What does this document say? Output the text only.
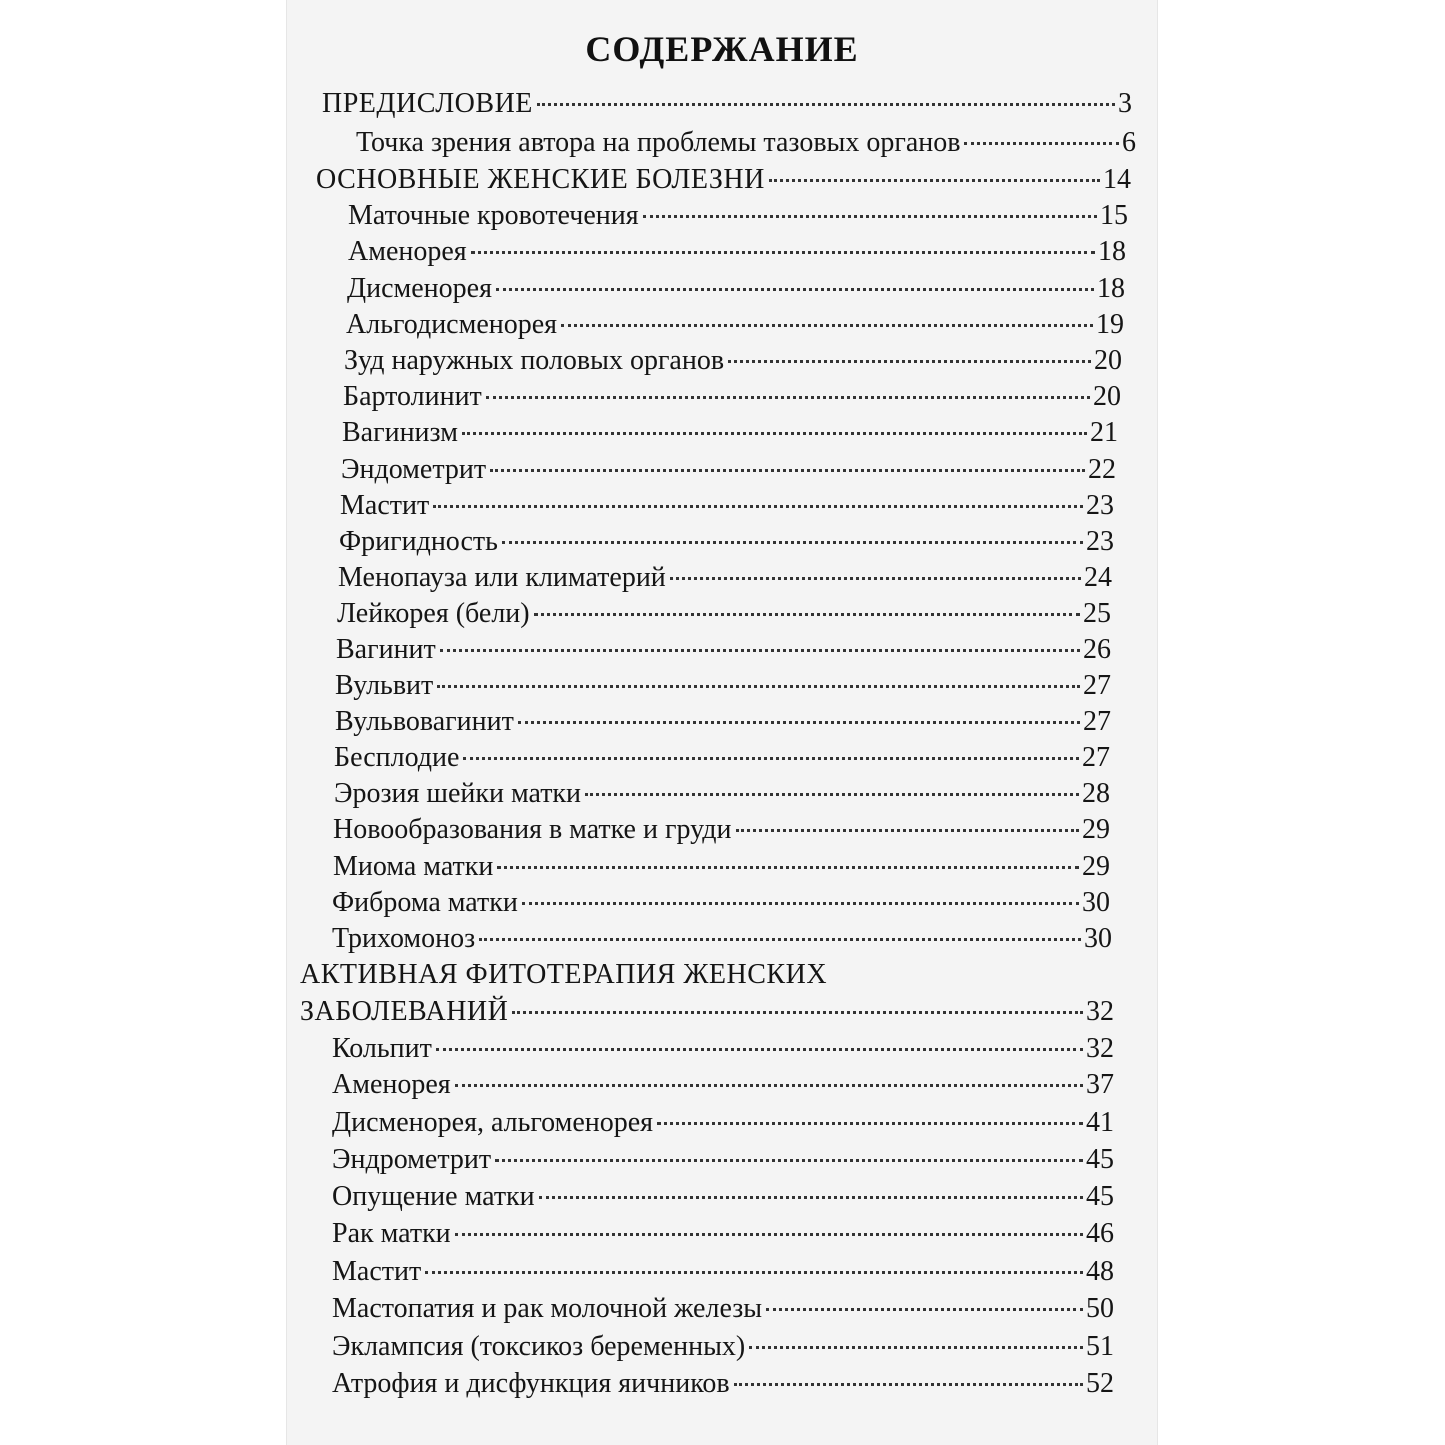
СОДЕРЖАНИЕ
ПРЕДИСЛОВИЕ	3
Точка зрения автора на проблемы тазовых органов	6
ОСНОВНЫЕ ЖЕНСКИЕ БОЛЕЗНИ	14
Маточные кровотечения	15
Аменорея	18
Дисменорея	18
Альгодисменорея	19
Зуд наружных половых органов	20
Бартолинит	20
Вагинизм	21
Эндометрит	22
Мастит	23
Фригидность	23
Менопауза или климатерий	24
Лейкорея (бели)	25
Вагинит	26
Вульвит	27
Вульвовагинит	27
Бесплодие	27
Эрозия шейки матки	28
Новообразования в матке и груди	29
Миома матки	29
Фиброма матки	30
Трихомоноз	30
АКТИВНАЯ ФИТОТЕРАПИЯ ЖЕНСКИХ
ЗАБОЛЕВАНИЙ	32
Кольпит	32
Аменорея	37
Дисменорея, альгоменорея	41
Эндрометрит	45
Опущение матки	45
Рак матки	46
Мастит	48
Мастопатия и рак молочной железы	50
Эклампсия (токсикоз беременных)	51
Атрофия и дисфункция яичников	52
